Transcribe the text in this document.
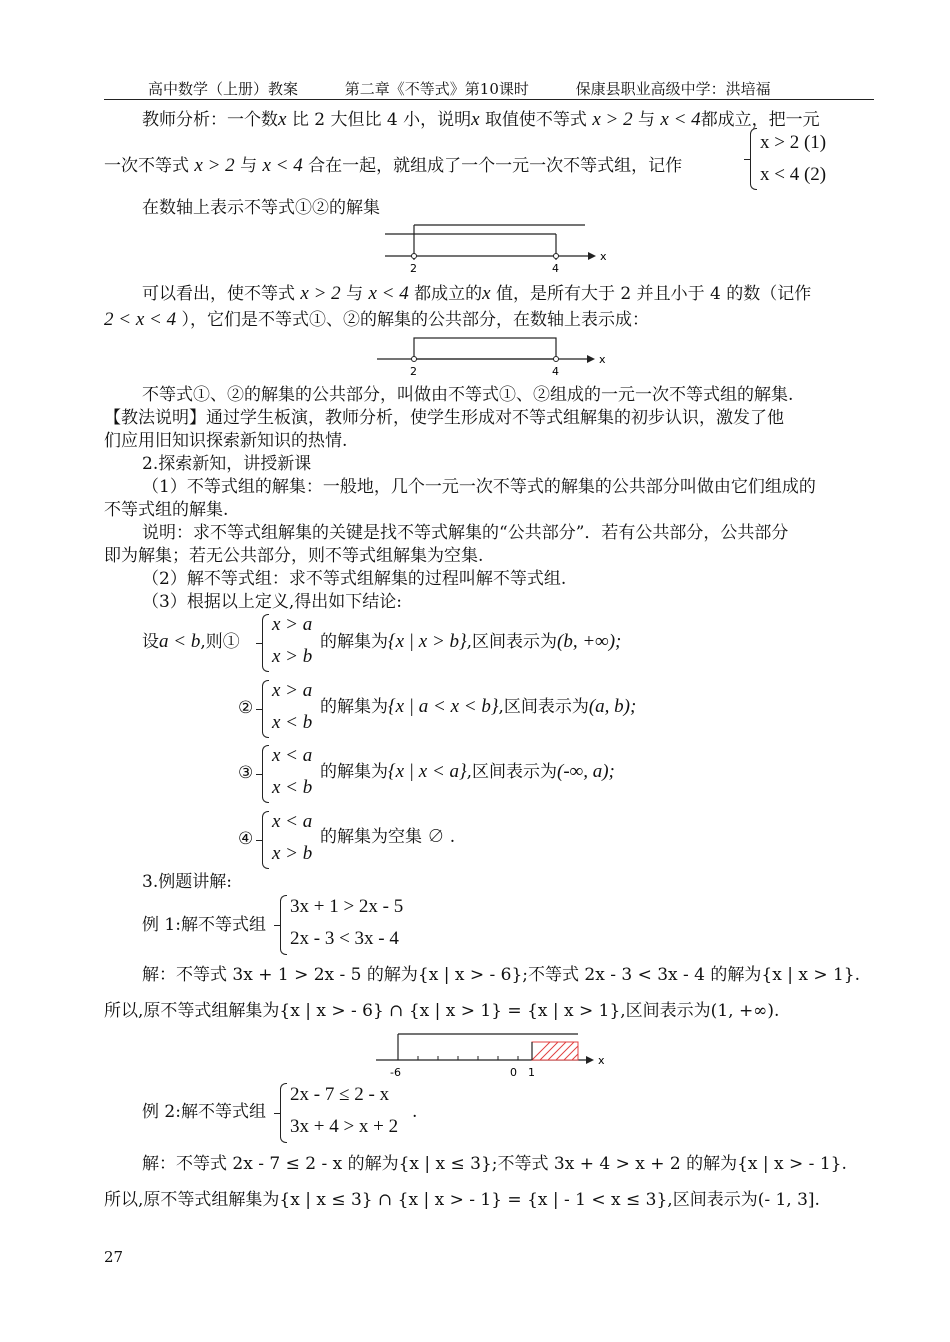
高中数学（上册）教案	第二章《不等式》第10课时	保康县职业高级中学：洪培福
教师分析：一个数x 比 2 大但比 4 小，说明x 取值使不等式 x > 2 与 x < 4都成立，把一元
一次不等式 x > 2 与 x < 4 合在一起，就组成了一个一元一次不等式组，记作
x > 2 (1)
x < 4 (2)
在数轴上表示不等式①②的解集
2	4
x
可以看出，使不等式 x > 2 与 x < 4 都成立的x 值，是所有大于 2 并且小于 4 的数（记作
2 < x < 4 ），它们是不等式①、②的解集的公共部分，在数轴上表示成：
2	4
x
不等式①、②的解集的公共部分，叫做由不等式①、②组成的一元一次不等式组的解集.
【教法说明】通过学生板演，教师分析，使学生形成对不等式组解集的初步认识，激发了他
们应用旧知识探索新知识的热情.
2.探索新知，讲授新课
（1）不等式组的解集：一般地，几个一元一次不等式的解集的公共部分叫做由它们组成的
不等式组的解集.
说明：求不等式组解集的关键是找不等式解集的“公共部分”．若有公共部分，公共部分
即为解集；若无公共部分，则不等式组解集为空集.
（2）解不等式组：求不等式组解集的过程叫解不等式组.
（3）根据以上定义,得出如下结论:
设a < b,则①
x > a
x > b
的解集为{x | x > b},区间表示为(b, +∞);
②
x > a
x < b
的解集为{x | a < x < b},区间表示为(a, b);
③
x < a
x < b
的解集为{x | x < a},区间表示为(-∞, a);
④
x < a
x > b
的解集为空集 ∅ .
3.例题讲解:
例 1:解不等式组
3x + 1 > 2x - 5
2x - 3 < 3x - 4
解：不等式 3x + 1 > 2x - 5 的解为{x | x > - 6};不等式 2x - 3 < 3x - 4 的解为{x | x > 1}.
所以,原不等式组解集为{x | x > - 6} ∩ {x | x > 1} = {x | x > 1},区间表示为(1, +∞).
-6	0 1
x
例 2:解不等式组
2x - 7 ≤ 2 - x
3x + 4 > x + 2
.
解：不等式 2x - 7 ≤ 2 - x 的解为{x | x ≤ 3};不等式 3x + 4 > x + 2 的解为{x | x > - 1}.
所以,原不等式组解集为{x | x ≤ 3} ∩ {x | x > - 1} = {x | - 1 < x ≤ 3},区间表示为(- 1, 3].
27
